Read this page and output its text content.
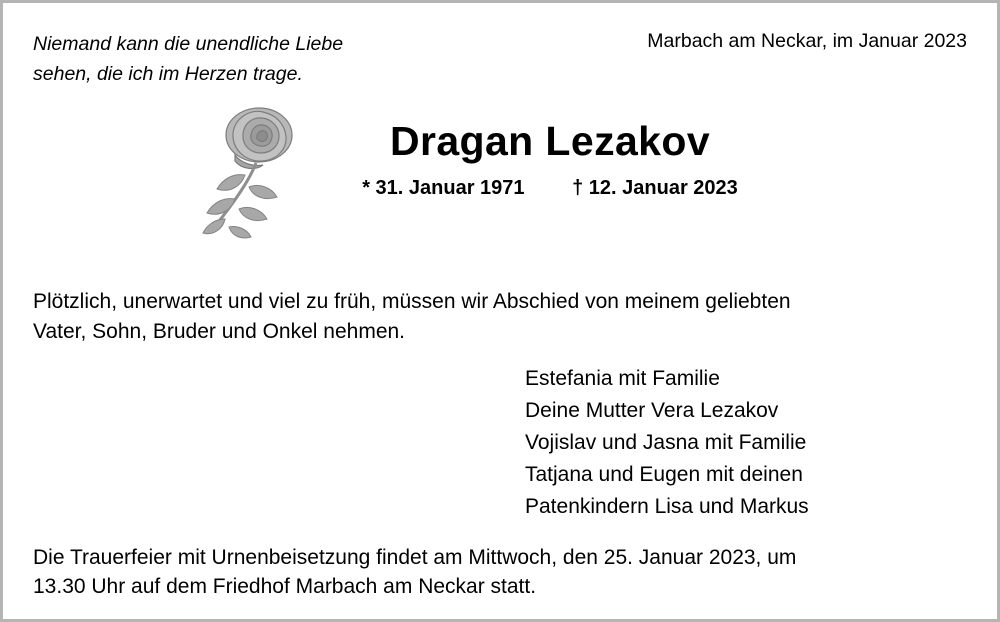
Niemand kann die unendliche Liebe
sehen, die ich im Herzen trage.
Marbach am Neckar, im Januar 2023
Dragan Lezakov
* 31. Januar 1971 † 12. Januar 2023
Plötzlich, unerwartet und viel zu früh, müssen wir Abschied von meinem geliebten
Vater, Sohn, Bruder und Onkel nehmen.
Estefania mit Familie
Deine Mutter Vera Lezakov
Vojislav und Jasna mit Familie
Tatjana und Eugen mit deinen
Patenkindern Lisa und Markus
Die Trauerfeier mit Urnenbeisetzung findet am Mittwoch, den 25. Januar 2023, um
13.30 Uhr auf dem Friedhof Marbach am Neckar statt.
